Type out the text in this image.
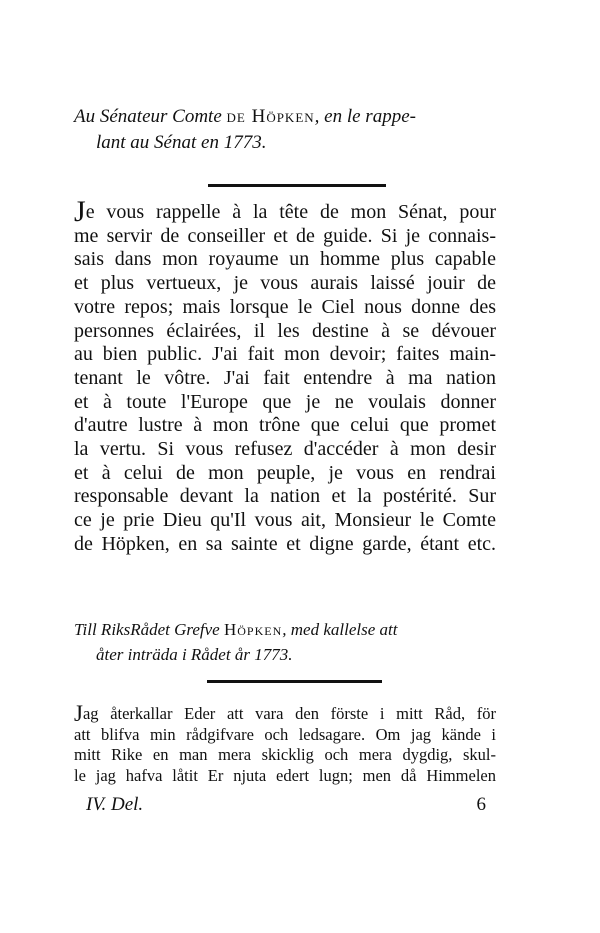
Au Sénateur Comte de Höpken, en le rappe-
lant au Sénat en 1773.
Je vous rappelle à la tête de mon Sénat, pour
me servir de conseiller et de guide. Si je connais-
sais dans mon royaume un homme plus capable
et plus vertueux, je vous aurais laissé jouir de
votre repos; mais lorsque le Ciel nous donne des
personnes éclairées, il les destine à se dévouer
au bien public. J'ai fait mon devoir; faites main-
tenant le vôtre. J'ai fait entendre à ma nation
et à toute l'Europe que je ne voulais donner
d'autre lustre à mon trône que celui que promet
la vertu. Si vous refusez d'accéder à mon desir
et à celui de mon peuple, je vous en rendrai
responsable devant la nation et la postérité. Sur
ce je prie Dieu qu'Il vous ait, Monsieur le Comte
de Höpken, en sa sainte et digne garde, étant etc.
Till RiksRådet Grefve Höpken, med kallelse att
åter inträda i Rådet år 1773.
Jag återkallar Eder att vara den förste i mitt Råd, för
att blifva min rådgifvare och ledsagare. Om jag kände i
mitt Rike en man mera skicklig och mera dygdig, skul-
le jag hafva låtit Er njuta edert lugn; men då Himmelen
IV. Del.	6
